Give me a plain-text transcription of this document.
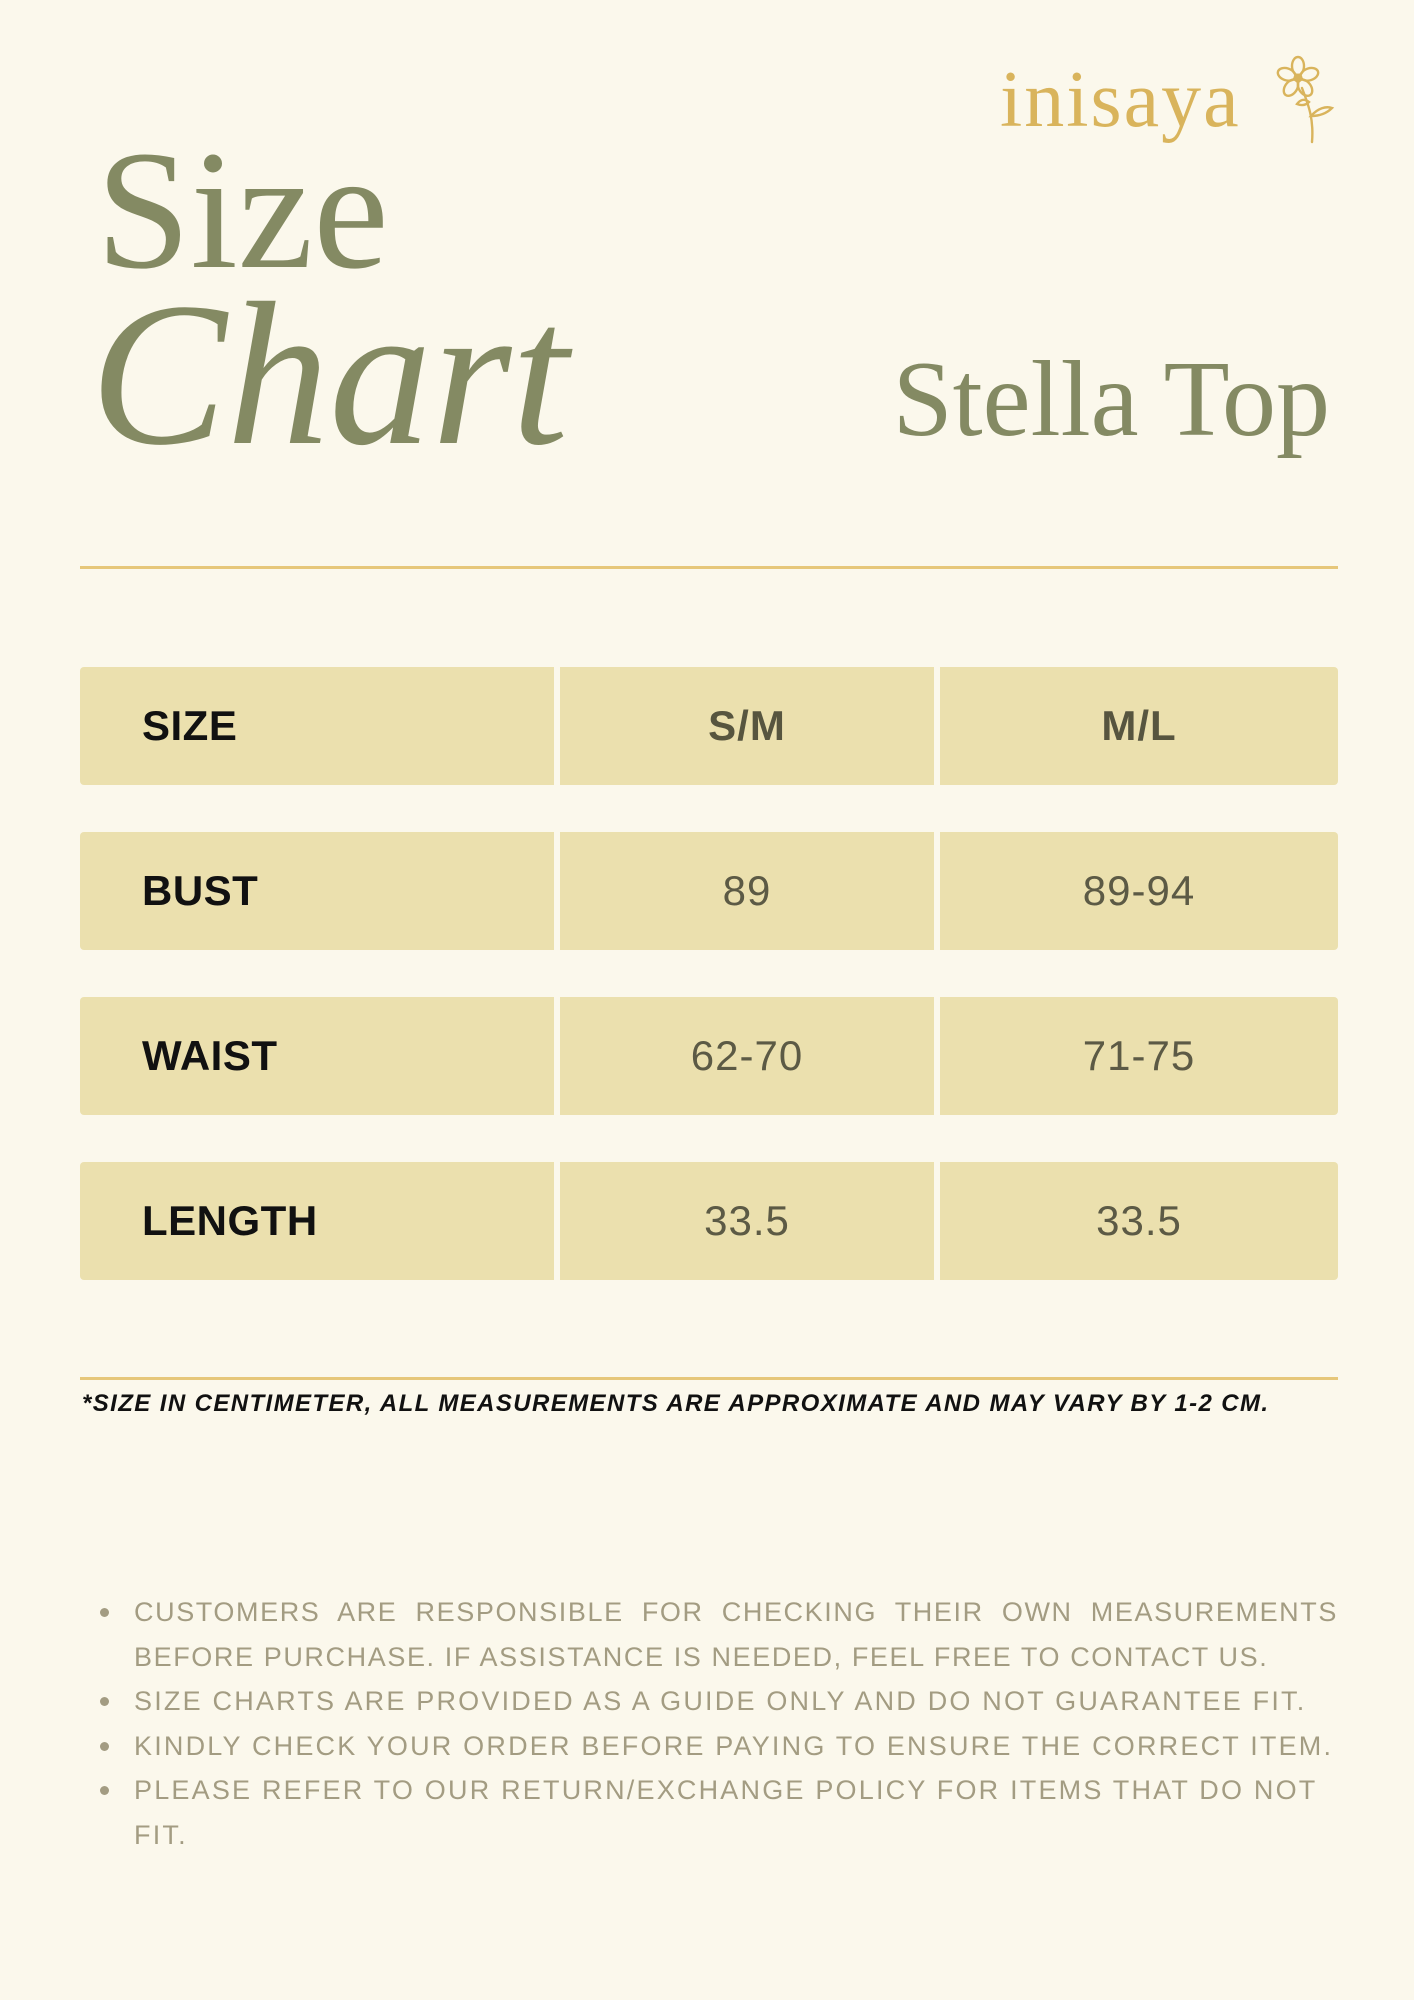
inisaya
Size
Chart	Stella Top
SIZE	S/M	M/L
BUST	89	89-94
WAIST	62-70	71-75
LENGTH	33.5	33.5
*SIZE IN CENTIMETER, ALL MEASUREMENTS ARE APPROXIMATE AND MAY VARY BY 1-2 CM.
CUSTOMERS ARE RESPONSIBLE FOR CHECKING THEIR OWN MEASUREMENTS BEFORE PURCHASE. IF ASSISTANCE IS NEEDED, FEEL FREE TO CONTACT US.
SIZE CHARTS ARE PROVIDED AS A GUIDE ONLY AND DO NOT GUARANTEE FIT.
KINDLY CHECK YOUR ORDER BEFORE PAYING TO ENSURE THE CORRECT ITEM.
PLEASE REFER TO OUR RETURN/EXCHANGE POLICY FOR ITEMS THAT DO NOT FIT.
